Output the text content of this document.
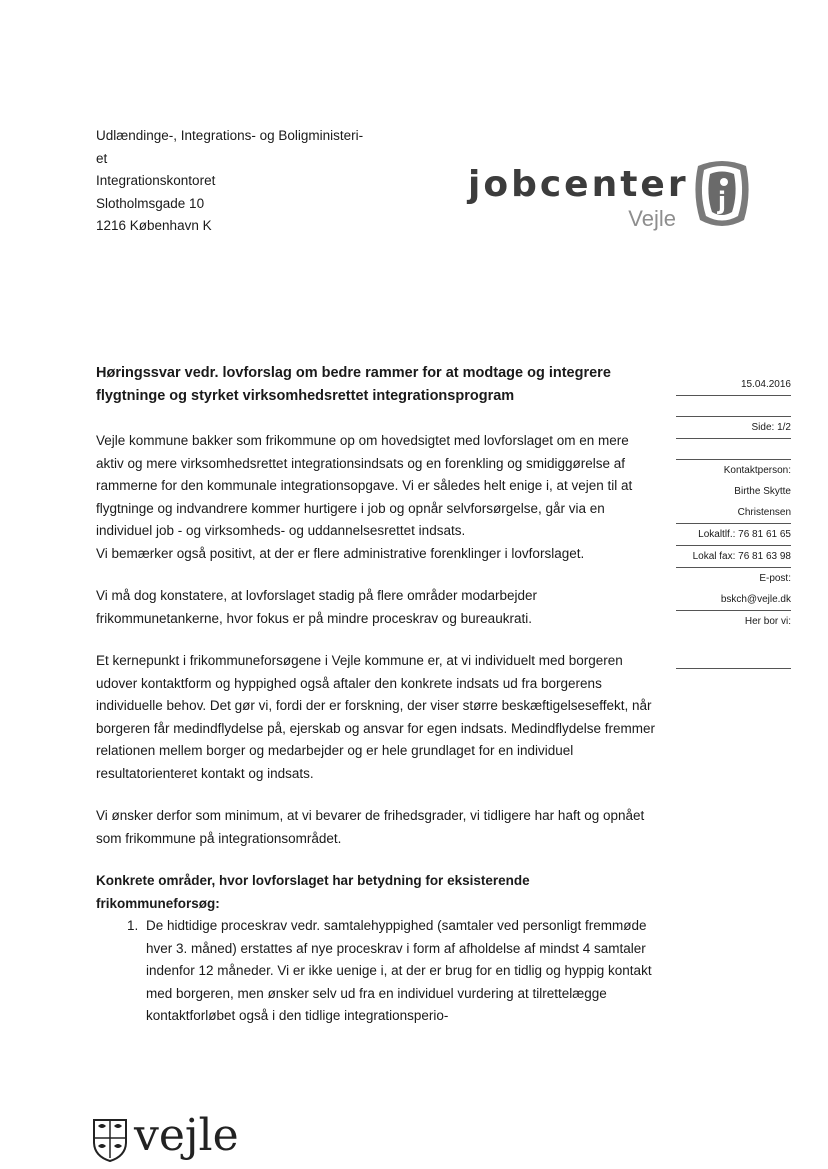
Udlændinge-, Integrations- og Boligministeri-
et
Integrationskontoret
Slotholmsgade 10
1216 København K
jobcenter
Vejle
j
Høringssvar vedr. lovforslag om bedre rammer for at modtage og integrere flygtninge og styrket virksomhedsrettet integrationsprogram
15.04.2016
Side: 1/2
Kontaktperson:
Birthe Skytte
Christensen
Lokaltlf.: 76 81 61 65
Lokal fax: 76 81 63 98
E-post:
bskch@vejle.dk
Her bor vi:

Vejle kommune bakker som frikommune op om hovedsigtet med lovforslaget om en mere aktiv og mere virksomhedsrettet integrationsindsats og en forenkling og smidiggørelse af rammerne for den kommunale integrationsopgave. Vi er således helt enige i, at vejen til at flygtninge og indvandrere kommer hurtigere i job og opnår selvforsørgelse, går via en individuel job - og virksomheds- og uddannelsesrettet indsats.

Vi bemærker også positivt, at der er flere administrative forenklinger i lovforslaget.

Vi må dog konstatere, at lovforslaget stadig på flere områder modarbejder frikommunetankerne, hvor fokus er på mindre proceskrav og bureaukrati.

Et kernepunkt i frikommuneforsøgene i Vejle kommune er, at vi individuelt med borgeren udover kontaktform og hyppighed også aftaler den konkrete indsats ud fra borgerens individuelle behov. Det gør vi, fordi der er forskning, der viser større beskæftigelseseffekt, når borgeren får medindflydelse på, ejerskab og ansvar for egen indsats. Medindflydelse fremmer relationen mellem borger og medarbejder og er hele grundlaget for en individuel resultatorienteret kontakt og indsats.

Vi ønsker derfor som minimum, at vi bevarer de frihedsgrader, vi tidligere har haft og opnået som frikommune på integrationsområdet.

Konkrete områder, hvor lovforslaget har betydning for eksisterende frikommuneforsøg:

1. De hidtidige proceskrav vedr. samtalehyppighed (samtaler ved personligt fremmøde hver 3. måned) erstattes af nye proceskrav i form af afholdelse af mindst 4 samtaler indenfor 12 måneder. Vi er ikke uenige i, at der er brug for en tidlig og hyppig kontakt med borgeren, men ønsker selv ud fra en individuel vurdering at tilrettelægge kontaktforløbet også i den tidlige integrationsperio-
vejle
